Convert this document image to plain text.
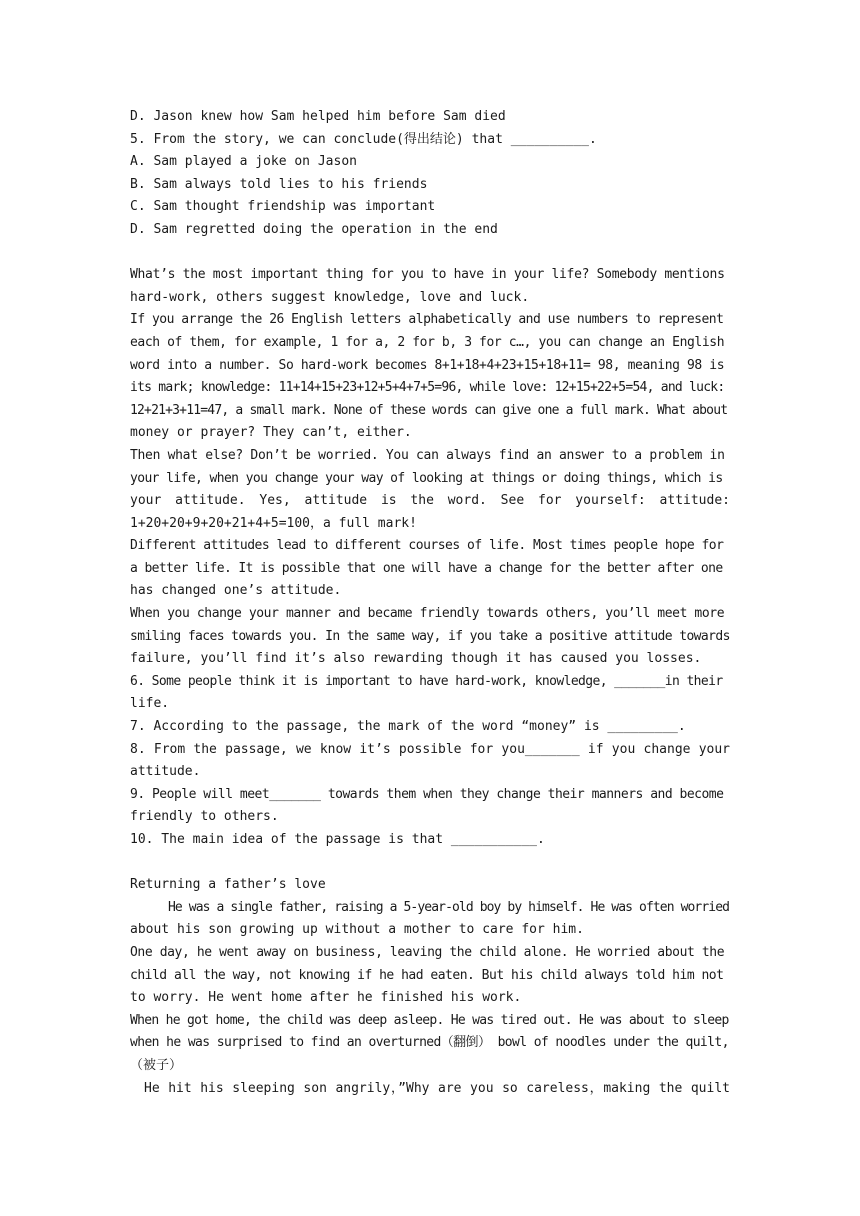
D. Jason knew how Sam helped him before Sam died
5. From the story, we can conclude(得出结论) that __________.
A. Sam played a joke on Jason
B. Sam always told lies to his friends
C. Sam thought friendship was important
D. Sam regretted doing the operation in the end
What’s the most important thing for you to have in your life? Somebody mentions
hard-work, others suggest knowledge, love and luck.
If you arrange the 26 English letters alphabetically and use numbers to represent
each of them, for example, 1 for a, 2 for b, 3 for c…, you can change an English
word into a number. So hard-work becomes 8+1+18+4+23+15+18+11= 98, meaning 98 is
its mark; knowledge: 11+14+15+23+12+5+4+7+5=96, while love: 12+15+22+5=54, and luck:
12+21+3+11=47, a small mark. None of these words can give one a full mark. What about
money or prayer? They can’t, either.
Then what else? Don’t be worried. You can always find an answer to a problem in
your life, when you change your way of looking at things or doing things, which is
your attitude. Yes, attitude is the word. See for yourself: attitude:
1+20+20+9+20+21+4+5=100，a full mark!
Different attitudes lead to different courses of life. Most times people hope for
a better life. It is possible that one will have a change for the better after one
has changed one’s attitude.
When you change your manner and became friendly towards others, you’ll meet more
smiling faces towards you. In the same way, if you take a positive attitude towards
failure, you’ll find it’s also rewarding though it has caused you losses.
6. Some people think it is important to have hard-work, knowledge, _______in their
life.
7. According to the passage, the mark of the word “money” is _________.
8. From the passage, we know it’s possible for you_______ if you change your
attitude.
9. People will meet_______ towards them when they change their manners and become
friendly to others.
10. The main idea of the passage is that ___________.
Returning a father’s love
He was a single father, raising a 5-year-old boy by himself. He was often worried
about his son growing up without a mother to care for him.
One day, he went away on business, leaving the child alone. He worried about the
child all the way, not knowing if he had eaten. But his child always told him not
to worry. He went home after he finished his work.
When he got home, the child was deep asleep. He was tired out. He was about to sleep
when he was surprised to find an overturned（翻倒） bowl of noodles under the quilt,
（被子）
He hit his sleeping son angrily，”Why are you so careless，making the quilt
